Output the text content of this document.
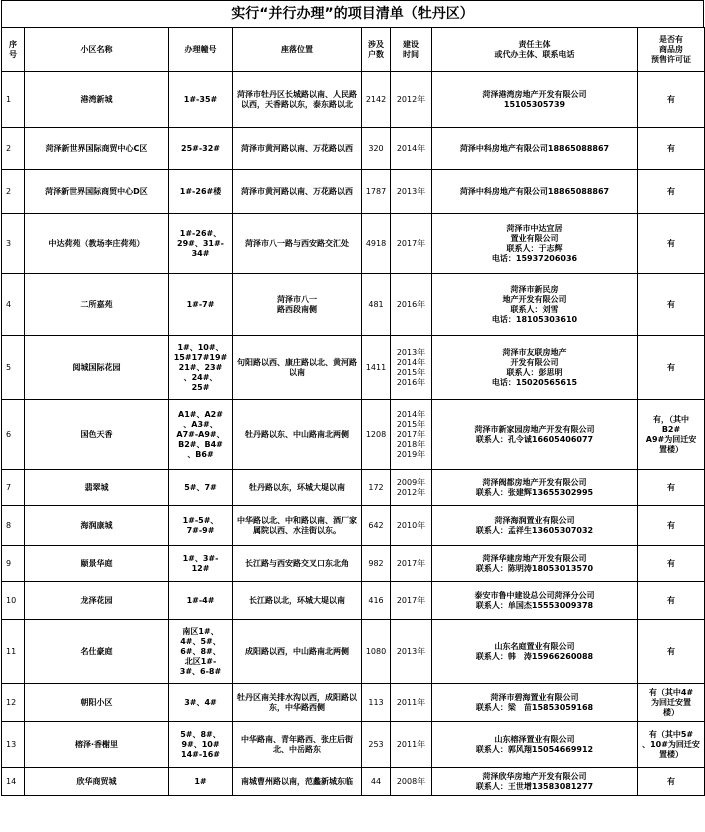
实行“并行办理”的项目清单（牡丹区）
序
号	小区名称	办理幢号	座落位置	涉及
户数	建设
时间	责任主体
或代办主体、联系电话	是否有
商品房
预售许可证
1	港湾新城	1#-35#	菏泽市牡丹区长城路以南、人民路以西，天香路以东，泰东路以北	2142	2012年	菏泽港湾房地产开发有限公司
15105305739	有
2	菏泽新世界国际商贸中心C区	25#-32#	菏泽市黄河路以南、万花路以西	320	2014年	菏泽中科房地产有限公司18865088867	有
2	菏泽新世界国际商贸中心D区	1#-26#楼	菏泽市黄河路以南、万花路以西	1787	2013年	菏泽中科房地产有限公司18865088867	有
3	中达荷苑（教场李庄荷苑）	1#-26#、
29#、31#-
34#	菏泽市八一路与西安路交汇处	4918	2017年	菏泽市中达宜居
置业有限公司
联系人：于志辉
电话：15937206036	有
4	二所嘉苑	1#-7#	菏泽市八一
路西段南侧	481	2016年	菏泽市新民房
地产开发有限公司
联系人：刘雪
电话：18105303610	有
5	阅城国际花园	1#、10#、
15#17#19#
21#、23#
、24#、
25#	句阳路以西、康庄路以北、黄河路以南	1411	2013年
2014年
2015年
2016年	菏泽市友联房地产
开发有限公司
联系人：彭思明
电话：15020565615	有
6	国色天香	A1#、A2#
、A3#、
A7#-A9#、
B2#、B4#
、B6#	牡丹路以东、中山路南北两侧	1208	2014年
2015年
2017年
2018年
2019年	菏泽市新家园房地产开发有限公司
联系人：孔令诚16605406077	有，（其中
B2#
A9#为回迁安
置楼）
7	翡翠城	5#、7#	牡丹路以东，环城大堤以南	172	2009年
2012年	菏泽阀都房地产开发有限公司
联系人：张建辉13655302995	有
8	海润康城	1#-5#、
7#-9#	中华路以北、中和路以南、酒厂家属院以西、水洼街以东。	642	2010年	菏泽海润置业有限公司
联系人：孟祥生13605307032	有
9	颐景华庭	1#、3#-
12#	长江路与西安路交叉口东北角	982	2017年	菏泽华建房地产开发有限公司
联系人：陈明涛18053013570	有
10	龙泽花园	1#-4#	长江路以北，环城大堤以南	416	2017年	泰安市鲁中建设总公司菏泽分公司
联系人：单国杰15553009378	有
11	名仕豪庭	南区1#、
4#、5#、
6#、8#、
北区1#-
3#、6-8#	成阳路以西，中山路南北两侧	1080	2013年	山东名庭置业有限公司
联系人：韩　涛15966260088	有
12	朝阳小区	3#、4#	牡丹区南关排水沟以西，成阳路以东，中华路西侧	113	2011年	菏泽市碧海置业有限公司
联系人：梁　苗15853059168	有（其中4#
为回迁安置
楼）
13	榕泽·香榭里	5#、8#、
9#、10#
14#-16#	中华路南、青年路西、张庄后街北、中岳路东	253	2011年	山东榕泽置业有限公司
联系人：郭风翔15054669912	有（其中5#
、10#为回迁安
置楼）
14	欣华商贸城	1#	南城曹州路以南，范蠡新城东临	44	2008年	菏泽欣华房地产开发有限公司
联系人：王世增13583081277	有
